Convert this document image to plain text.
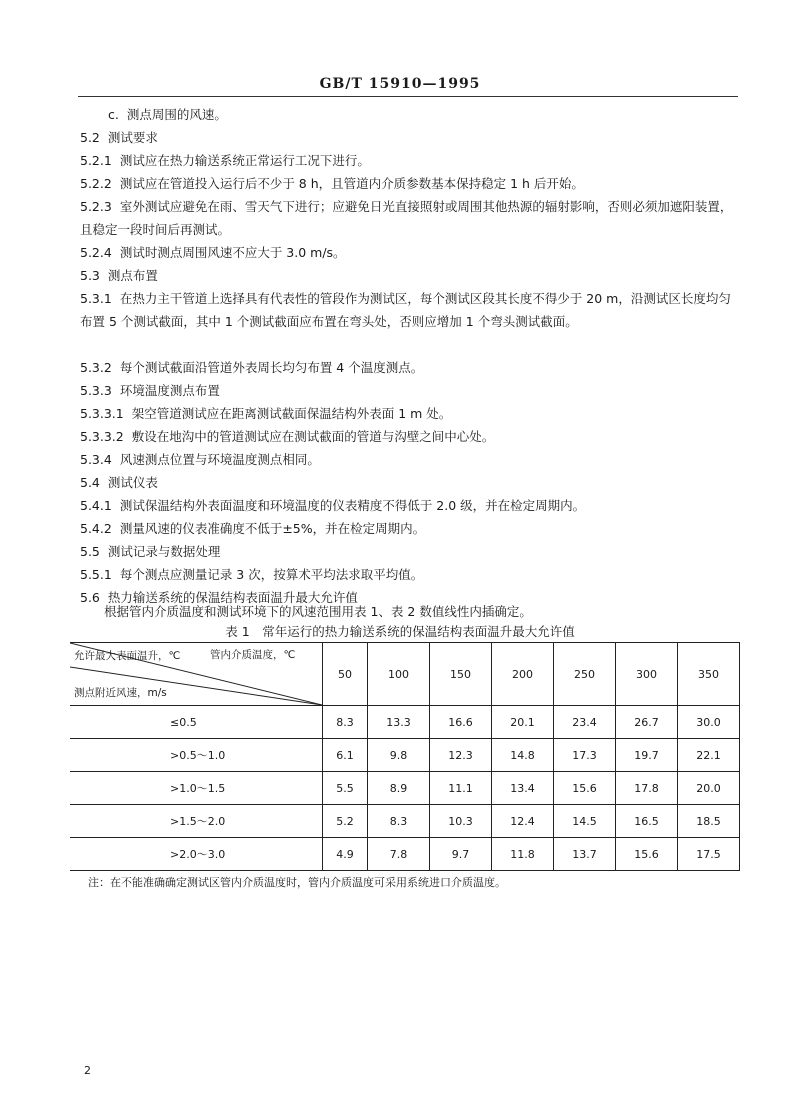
GB/T 15910—1995
c. 测点周围的风速。
5.2 测试要求
5.2.1 测试应在热力输送系统正常运行工况下进行。
5.2.2 测试应在管道投入运行后不少于 8 h，且管道内介质参数基本保持稳定 1 h 后开始。
5.2.3 室外测试应避免在雨、雪天气下进行；应避免日光直接照射或周围其他热源的辐射影响，否则必须加遮阳装置，且稳定一段时间后再测试。
5.2.4 测试时测点周围风速不应大于 3.0 m/s。
5.3 测点布置
5.3.1 在热力主干管道上选择具有代表性的管段作为测试区，每个测试区段其长度不得少于 20 m，沿测试区长度均匀布置 5 个测试截面，其中 1 个测试截面应布置在弯头处，否则应增加 1 个弯头测试截面。
5.3.2 每个测试截面沿管道外表周长均匀布置 4 个温度测点。
5.3.3 环境温度测点布置
5.3.3.1 架空管道测试应在距离测试截面保温结构外表面 1 m 处。
5.3.3.2 敷设在地沟中的管道测试应在测试截面的管道与沟壁之间中心处。
5.3.4 风速测点位置与环境温度测点相同。
5.4 测试仪表
5.4.1 测试保温结构外表面温度和环境温度的仪表精度不得低于 2.0 级，并在检定周期内。
5.4.2 测量风速的仪表准确度不低于±5%，并在检定周期内。
5.5 测试记录与数据处理
5.5.1 每个测点应测量记录 3 次，按算术平均法求取平均值。
5.6 热力输送系统的保温结构表面温升最大允许值
根据管内介质温度和测试环境下的风速范围用表 1、表 2 数值线性内插确定。
表 1　常年运行的热力输送系统的保温结构表面温升最大允许值
允许最大表面温升，℃ 管内介质温度，℃
测点附近风速，m/s	50	100	150	200	250	300	350
≤0.5	8.3	13.3	16.6	20.1	23.4	26.7	30.0
>0.5～1.0	6.1	9.8	12.3	14.8	17.3	19.7	22.1
>1.0～1.5	5.5	8.9	11.1	13.4	15.6	17.8	20.0
>1.5～2.0	5.2	8.3	10.3	12.4	14.5	16.5	18.5
>2.0～3.0	4.9	7.8	9.7	11.8	13.7	15.6	17.5
注：在不能准确确定测试区管内介质温度时，管内介质温度可采用系统进口介质温度。
2
